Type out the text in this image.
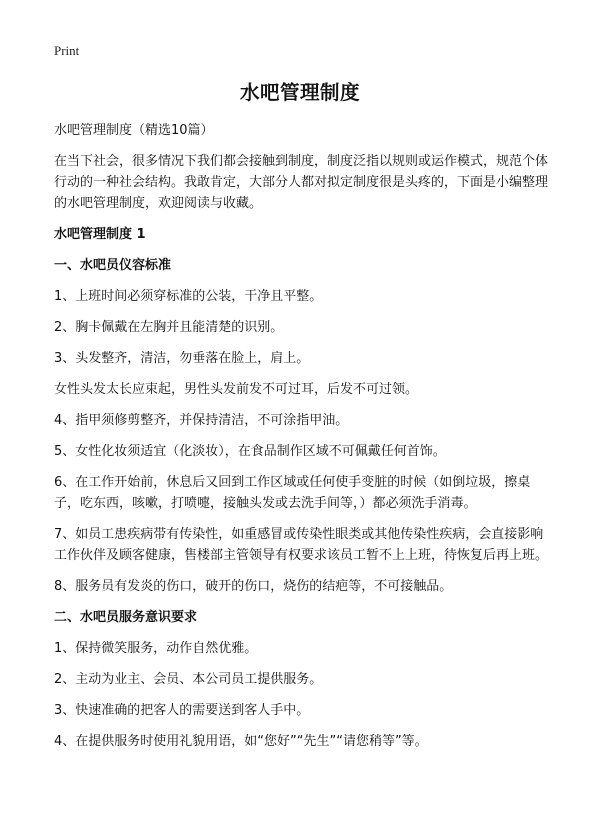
Print
水吧管理制度

水吧管理制度（精选10篇）

在当下社会，很多情况下我们都会接触到制度，制度泛指以规则或运作模式，规范个体行动的一种社会结构。我敢肯定，大部分人都对拟定制度很是头疼的，下面是小编整理的水吧管理制度，欢迎阅读与收藏。

水吧管理制度 1

一、水吧员仪容标准

1、上班时间必须穿标准的公装，干净且平整。

2、胸卡佩戴在左胸并且能清楚的识别。

3、头发整齐，清洁，勿垂落在脸上，肩上。

女性头发太长应束起，男性头发前发不可过耳，后发不可过领。

4、指甲须修剪整齐，并保持清洁，不可涂指甲油。

5、女性化妆须适宜（化淡妆），在食品制作区域不可佩戴任何首饰。

6、在工作开始前，休息后又回到工作区域或任何使手变脏的时候（如倒垃圾，擦桌子，吃东西，咳嗽，打喷嚏，接触头发或去洗手间等，）都必须洗手消毒。

7、如员工患疾病带有传染性，如重感冒或传染性眼类或其他传染性疾病，会直接影响工作伙伴及顾客健康，售楼部主管领导有权要求该员工暂不上上班，待恢复后再上班。

8、服务员有发炎的伤口，破开的伤口，烧伤的结疤等，不可接触品。

二、水吧员服务意识要求

1、保持微笑服务，动作自然优雅。

2、主动为业主、会员、本公司员工提供服务。

3、快速准确的把客人的需要送到客人手中。

4、在提供服务时使用礼貌用语，如“您好”“先生”“请您稍等”等。
